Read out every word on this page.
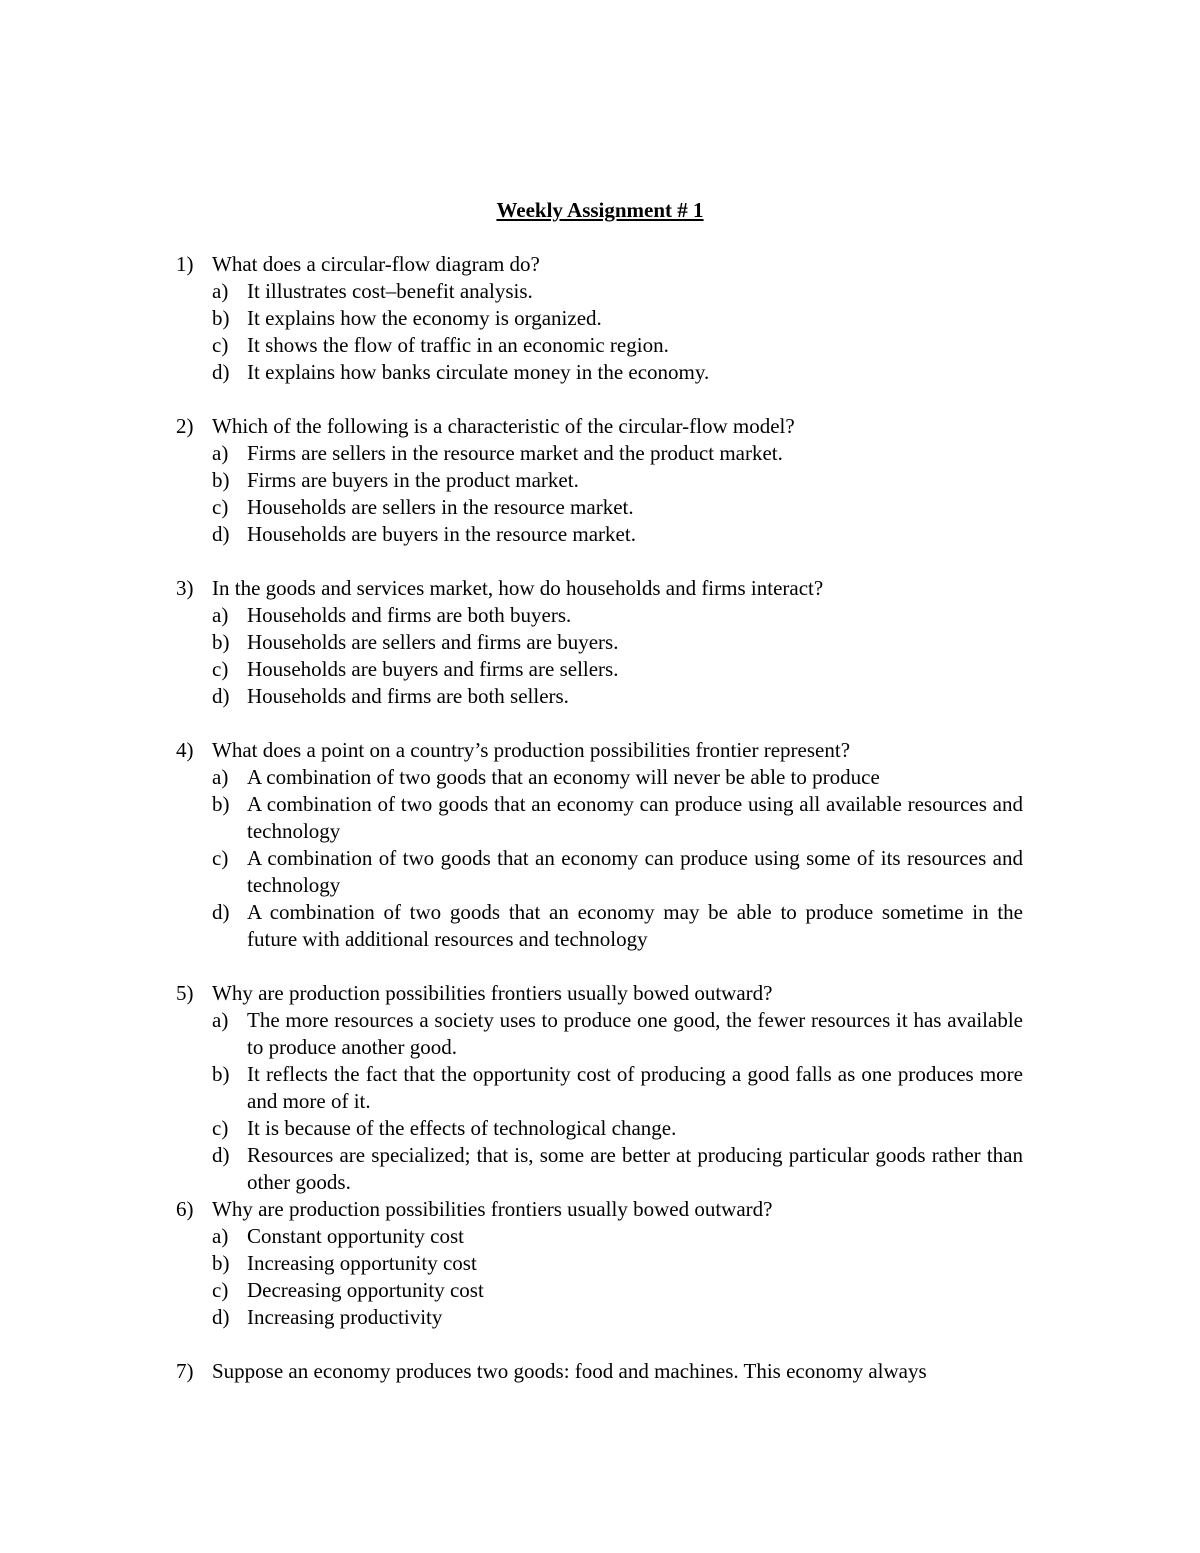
Weekly Assignment # 1
1) What does a circular-flow diagram do?
a) It illustrates cost–benefit analysis.
b) It explains how the economy is organized.
c) It shows the flow of traffic in an economic region.
d) It explains how banks circulate money in the economy.
2) Which of the following is a characteristic of the circular-flow model?
a) Firms are sellers in the resource market and the product market.
b) Firms are buyers in the product market.
c) Households are sellers in the resource market.
d) Households are buyers in the resource market.
3) In the goods and services market, how do households and firms interact?
a) Households and firms are both buyers.
b) Households are sellers and firms are buyers.
c) Households are buyers and firms are sellers.
d) Households and firms are both sellers.
4) What does a point on a country’s production possibilities frontier represent?
a) A combination of two goods that an economy will never be able to produce
b) A combination of two goods that an economy can produce using all available resources and technology
c) A combination of two goods that an economy can produce using some of its resources and technology
d) A combination of two goods that an economy may be able to produce sometime in the future with additional resources and technology
5) Why are production possibilities frontiers usually bowed outward?
a) The more resources a society uses to produce one good, the fewer resources it has available to produce another good.
b) It reflects the fact that the opportunity cost of producing a good falls as one produces more and more of it.
c) It is because of the effects of technological change.
d) Resources are specialized; that is, some are better at producing particular goods rather than other goods.
6) Why are production possibilities frontiers usually bowed outward?
a) Constant opportunity cost
b) Increasing opportunity cost
c) Decreasing opportunity cost
d) Increasing productivity
7) Suppose an economy produces two goods: food and machines. This economy always
